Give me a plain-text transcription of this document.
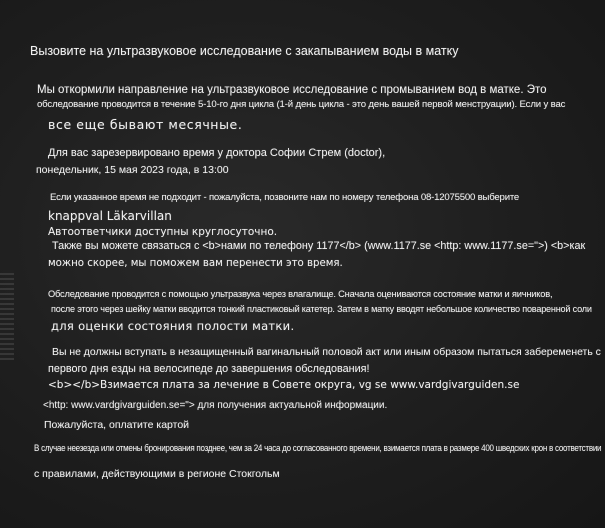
Вызовите на ультразвуковое исследование с закапыванием воды в матку
Мы откормили направление на ультразвуковое исследование с промыванием вод в матке. Это
обследование проводится в течение 5-10-го дня цикла (1-й день цикла - это день вашей первой менструации). Если у вас
все еще бывают месячные.
Для вас зарезервировано время у доктора Софии Стрем (doctor),
понедельник, 15 мая 2023 года, в 13:00
Если указанное время не подходит - пожалуйста, позвоните нам по номеру телефона 08-12075500 выберите
knappval Läkarvillan
Автоответчики доступны круглосуточно.
Также вы можете связаться с <b>нами по телефону 1177</b> (www.1177.se <http: www.1177.se=">) <b>как
можно скорее, мы поможем вам перенести это время.
Обследование проводится с помощью ультразвука через влагалище. Сначала оцениваются состояние матки и яичников,
после этого через шейку матки вводится тонкий пластиковый катетер. Затем в матку вводят небольшое количество поваренной соли
для оценки состояния полости матки.
Вы не должны вступать в незащищенный вагинальный половой акт или иным образом пытаться забеременеть с
первого дня езды на велосипеде до завершения обследования!
<b></b>Взимается плата за лечение в Совете округа, vg se www.vardgivarguiden.se
<http: www.vardgivarguiden.se="> для получения актуальной информации.
Пожалуйста, оплатите картой
В случае неезезда или отмены бронирования позднее, чем за 24 часа до согласованного времени, взимается плата в размере 400 шведских крон в соответствии
с правилами, действующими в регионе Стокгольм
